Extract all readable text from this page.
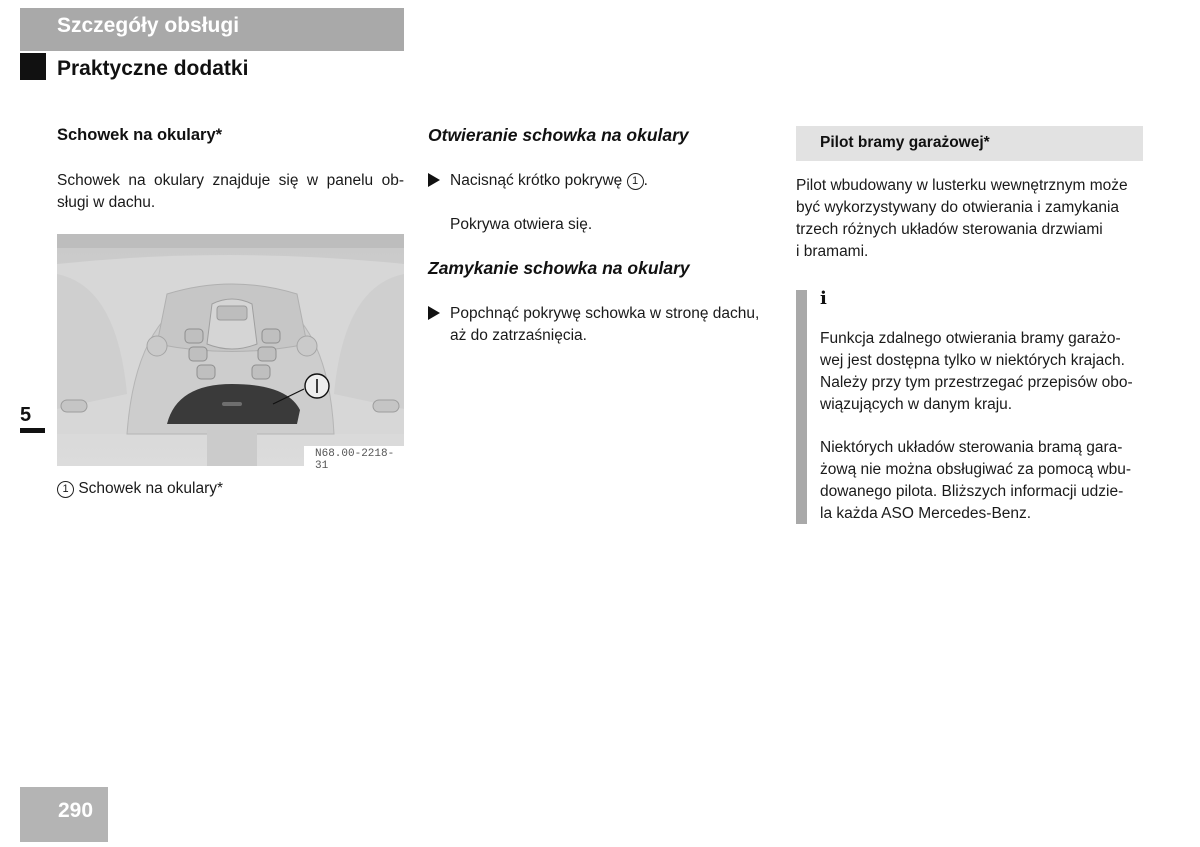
Szczegóły obsługi
Praktyczne dodatki
5
Schowek na okulary*
Schowek na okulary znajduje się w panelu ob-
sługi w dachu.
N68.00-2218-31
1 Schowek na okulary*
Otwieranie schowka na okulary
Nacisnąć krótko pokrywę 1 .
Pokrywa otwiera się.
Zamykanie schowka na okulary
Popchnąć pokrywę schowka w stronę dachu,
aż do zatrzaśnięcia.
Pilot bramy garażowej*
Pilot wbudowany w lusterku wewnętrznym może
być wykorzystywany do otwierania i zamykania
trzech różnych układów sterowania drzwiami
i bramami.
i
Funkcja zdalnego otwierania bramy garażo-
wej jest dostępna tylko w niektórych krajach.
Należy przy tym przestrzegać przepisów obo-
wiązujących w danym kraju.
Niektórych układów sterowania bramą gara-
żową nie można obsługiwać za pomocą wbu-
dowanego pilota. Bliższych informacji udzie-
la każda ASO Mercedes-Benz.
290
